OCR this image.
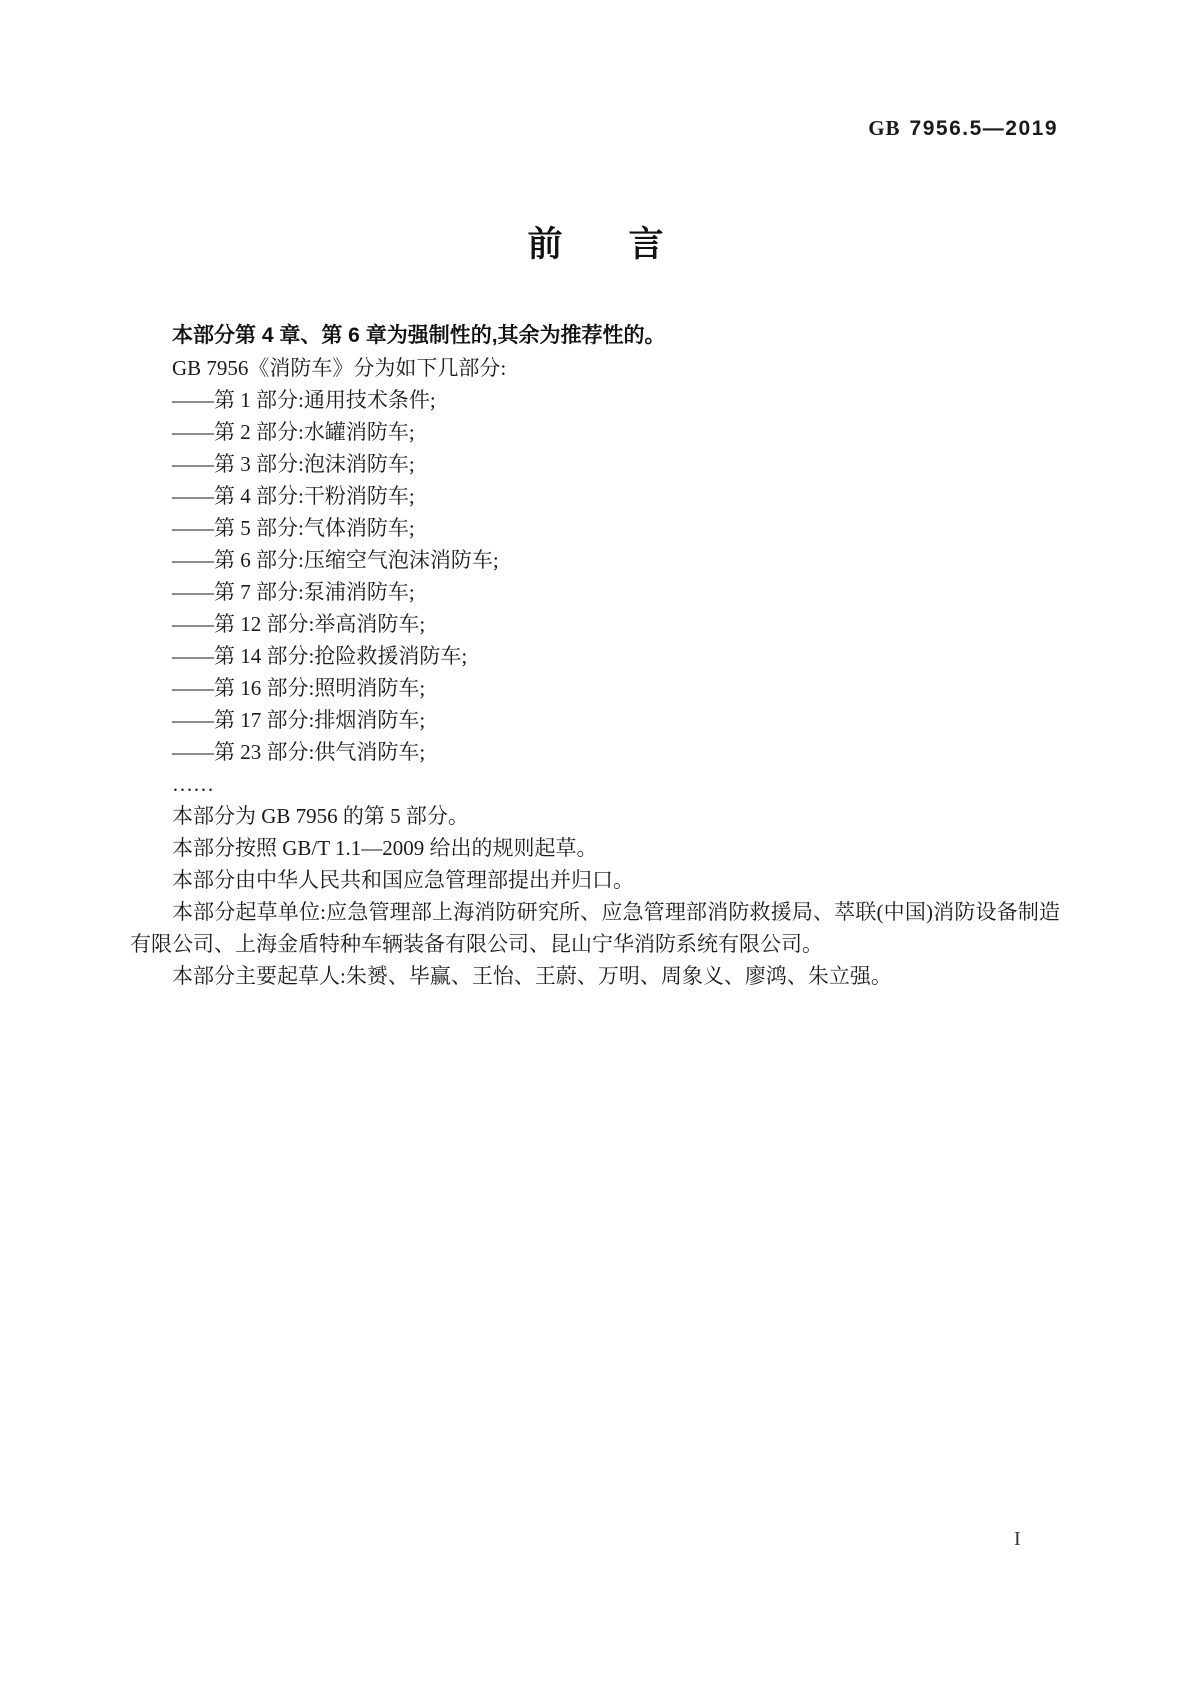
GB 7956.5—2019
前 言

本部分第 4 章、第 6 章为强制性的,其余为推荐性的。

GB 7956《消防车》分为如下几部分:

——第 1 部分:通用技术条件;

——第 2 部分:水罐消防车;

——第 3 部分:泡沫消防车;

——第 4 部分:干粉消防车;

——第 5 部分:气体消防车;

——第 6 部分:压缩空气泡沫消防车;

——第 7 部分:泵浦消防车;

——第 12 部分:举高消防车;

——第 14 部分:抢险救援消防车;

——第 16 部分:照明消防车;

——第 17 部分:排烟消防车;

——第 23 部分:供气消防车;

……

本部分为 GB 7956 的第 5 部分。

本部分按照 GB/T 1.1—2009 给出的规则起草。

本部分由中华人民共和国应急管理部提出并归口。

本部分起草单位:应急管理部上海消防研究所、应急管理部消防救援局、萃联(中国)消防设备制造有限公司、上海金盾特种车辆装备有限公司、昆山宁华消防系统有限公司。

本部分主要起草人:朱赟、毕赢、王怡、王蔚、万明、周象义、廖鸿、朱立强。

I
